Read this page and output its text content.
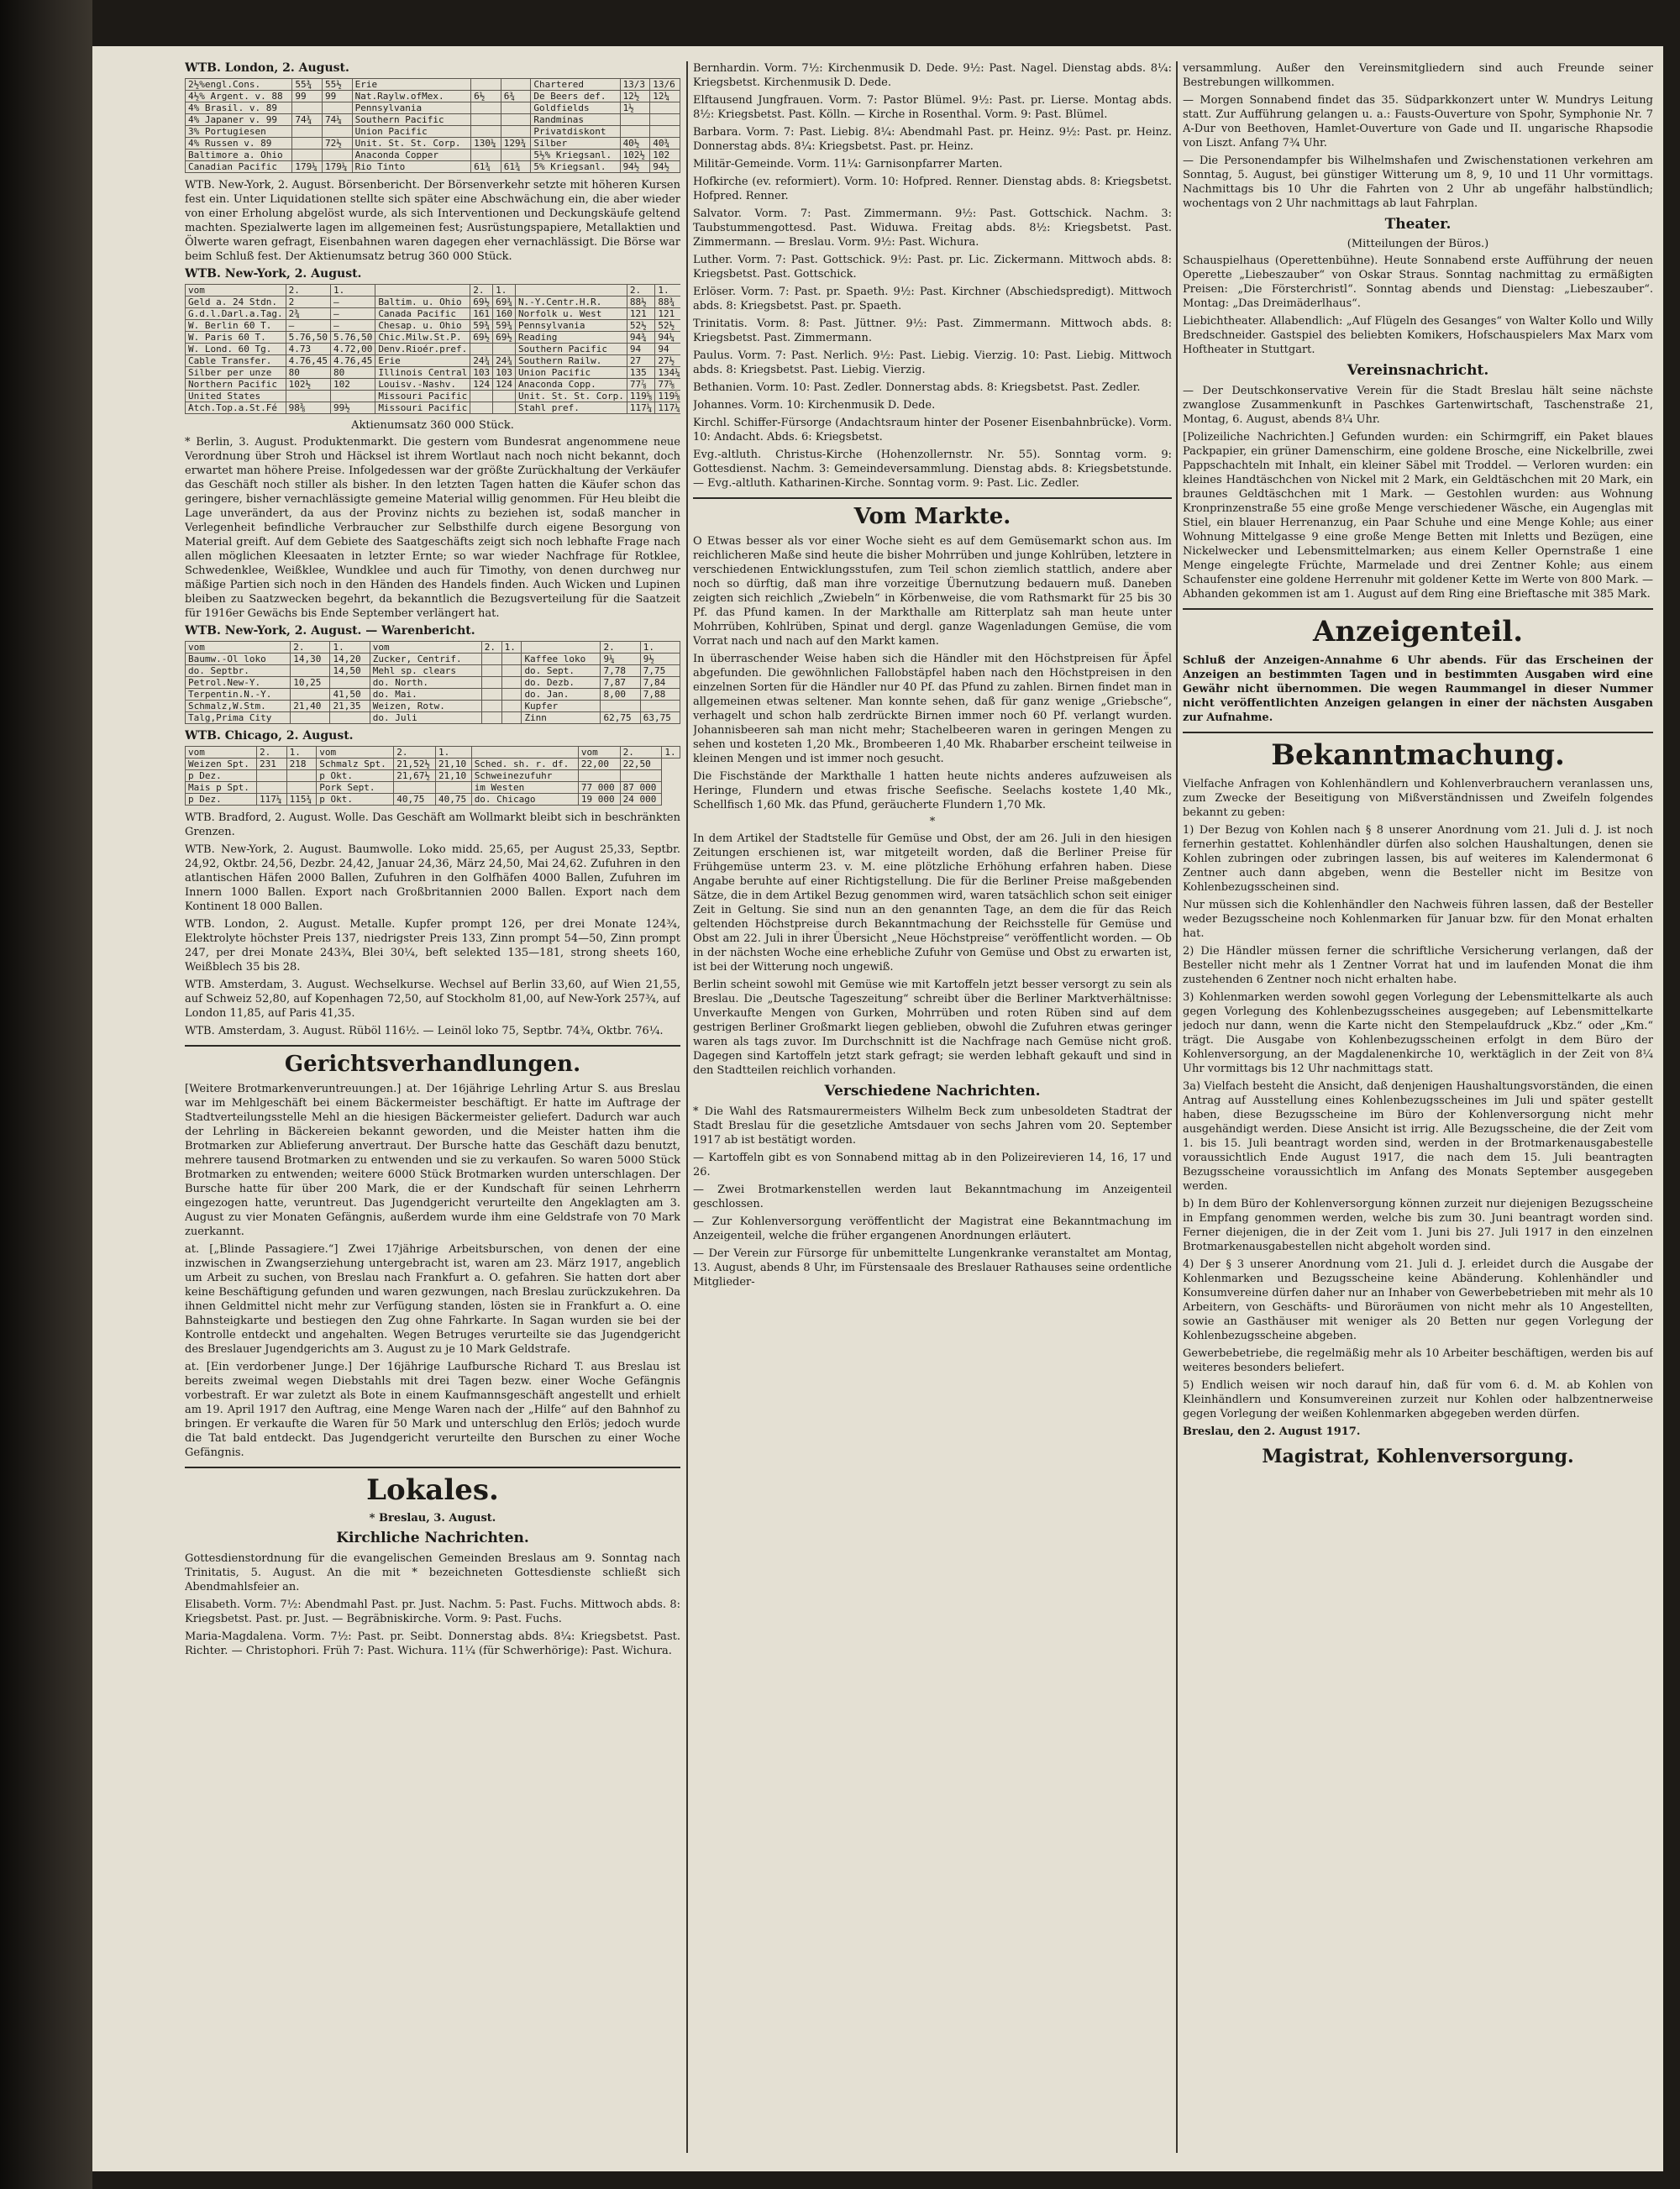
WTB. London, 2. August.
2½%engl.Cons.	55¾	55½	Erie			Chartered	13/3	13/6
4½% Argent. v. 88	99	99	Nat.Raylw.ofMex.	6½	6¾	De Beers def.	12½	12¼
4% Brasil. v. 89			Pennsylvania			Goldfields	1½	
4% Japaner v. 99	74¾	74¼	Southern Pacific			Randminas		
3% Portugiesen			Union Pacific			Privatdiskont		
4% Russen v. 89		72½	Unit. St. St. Corp.	130¼	129¾	Silber	40½	40¾
Baltimore a. Ohio			Anaconda Copper			5½% Kriegsanl.	102½	102
Canadian Pacific	179¼	179¼	Rio Tinto	61¾	61¾	5% Kriegsanl.	94½	94½

WTB. New-York, 2. August. Börsenbericht. Der Börsenverkehr setzte mit höheren Kursen fest ein. Unter Liquidationen stellte sich später eine Abschwächung ein, die aber wieder von einer Erholung abgelöst wurde, als sich Interventionen und Deckungskäufe geltend machten. Spezialwerte lagen im allgemeinen fest; Ausrüstungspapiere, Metallaktien und Ölwerte waren gefragt, Eisenbahnen waren dagegen eher vernachlässigt. Die Börse war beim Schluß fest. Der Aktienumsatz betrug 360 000 Stück.

WTB. New-York, 2. August.
vom	2.	1.		2.	1.		2.	1.
Geld a. 24 Stdn.	2	—	Baltim. u. Ohio	69½	69¾	N.-Y.Centr.H.R.	88½	88¾
G.d.l.Darl.a.Tag.	2¾	—	Canada Pacific	161	160	Norfolk u. West	121	121
W. Berlin 60 T.	—	—	Chesap. u. Ohio	59¾	59¾	Pennsylvania	52½	52½
W. Paris 60 T.	5.76,50	5.76,50	Chic.Milw.St.P.	69½	69½	Reading	94¾	94¼
W. Lond. 60 Tg.	4.73	4.72,00	Denv.Rioér.pref.			Southern Pacific	94	94
Cable Transfer.	4.76,45	4.76,45	Erie	24¾	24¾	Southern Railw.	27	27½
Silber per unze	80	80	Illinois Central	103	103	Union Pacific	135	134¼
Northern Pacific	102½	102	Louisv.-Nashv.	124	124	Anaconda Copp.	77⅞	77⅝
United States			Missouri Pacific			Unit. St. St. Corp.	119⅝	119⅝
Atch.Top.a.St.Fé	98⅜	99½	Missouri Pacific			Stahl pref.	117¼	117¼
Aktienumsatz 360 000 Stück.

* Berlin, 3. August. Produktenmarkt. Die gestern vom Bundesrat angenommene neue Verordnung über Stroh und Häcksel ist ihrem Wortlaut nach noch nicht bekannt, doch erwartet man höhere Preise. Infolgedessen war der größte Zurückhaltung der Verkäufer das Geschäft noch stiller als bisher. In den letzten Tagen hatten die Käufer schon das geringere, bisher vernachlässigte gemeine Material willig genommen. Für Heu bleibt die Lage unverändert, da aus der Provinz nichts zu beziehen ist, sodaß mancher in Verlegenheit befindliche Verbraucher zur Selbsthilfe durch eigene Besorgung von Material greift. Auf dem Gebiete des Saatgeschäfts zeigt sich noch lebhafte Frage nach allen möglichen Kleesaaten in letzter Ernte; so war wieder Nachfrage für Rotklee, Schwedenklee, Weißklee, Wundklee und auch für Timothy, von denen durchweg nur mäßige Partien sich noch in den Händen des Handels finden. Auch Wicken und Lupinen bleiben zu Saatzwecken begehrt, da bekanntlich die Bezugsverteilung für die Saatzeit für 1916er Gewächs bis Ende September verlängert hat.

WTB. New-York, 2. August. — Warenbericht.
vom	2.	1.	vom	2.	1.		2.	1.
Baumw.-Ol loko	14,30	14,20	Zucker, Centrif.			Kaffee loko	9¼	9½
do. Septbr.		14,50	Mehl sp. clears			do. Sept.	7,78	7,75
Petrol.New-Y.	10,25		do. North.			do. Dezb.	7,87	7,84
Terpentin.N.-Y.		41,50	do. Mai.			do. Jan.	8,00	7,88
Schmalz,W.Stm.	21,40	21,35	Weizen, Rotw.			Kupfer		
Talg,Prima City			do. Juli			Zinn	62,75	63,75
WTB. Chicago, 2. August.
vom	2.	1.	vom	2.	1.		vom	2.	1.
Weizen Spt.	231	218	Schmalz Spt.	21,52½	21,10	Sched. sh. r. df.	22,00	22,50	
p Dez.			p Okt.	21,67½	21,10	Schweinezufuhr			
Mais p Spt.			Pork Sept.			im Westen	77 000	87 000	
p Dez.	117¼	115¾	p Okt.	40,75	40,75	do. Chicago	19 000	24 000	

WTB. Bradford, 2. August. Wolle. Das Geschäft am Wollmarkt bleibt sich in beschränkten Grenzen.

WTB. New-York, 2. August. Baumwolle. Loko midd. 25,65, per August 25,33, Septbr. 24,92, Oktbr. 24,56, Dezbr. 24,42, Januar 24,36, März 24,50, Mai 24,62. Zufuhren in den atlantischen Häfen 2000 Ballen, Zufuhren in den Golfhäfen 4000 Ballen, Zufuhren im Innern 1000 Ballen. Export nach Großbritannien 2000 Ballen. Export nach dem Kontinent 18 000 Ballen.

WTB. London, 2. August. Metalle. Kupfer prompt 126, per drei Monate 124¾, Elektrolyte höchster Preis 137, niedrigster Preis 133, Zinn prompt 54—50, Zinn prompt 247, per drei Monate 243¾, Blei 30¼, beft selekted 135—181, strong sheets 160, Weißblech 35 bis 28.

WTB. Amsterdam, 3. August. Wechselkurse. Wechsel auf Berlin 33,60, auf Wien 21,55, auf Schweiz 52,80, auf Kopenhagen 72,50, auf Stockholm 81,00, auf New-York 257¾, auf London 11,85, auf Paris 41,35.

WTB. Amsterdam, 3. August. Rüböl 116½. — Leinöl loko 75, Septbr. 74¾, Oktbr. 76¼.

Gerichtsverhandlungen.

[Weitere Brotmarkenveruntreuungen.] at. Der 16jährige Lehrling Artur S. aus Breslau war im Mehlgeschäft bei einem Bäckermeister beschäftigt. Er hatte im Auftrage der Stadtverteilungsstelle Mehl an die hiesigen Bäckermeister geliefert. Dadurch war auch der Lehrling in Bäckereien bekannt geworden, und die Meister hatten ihm die Brotmarken zur Ablieferung anvertraut. Der Bursche hatte das Geschäft dazu benutzt, mehrere tausend Brotmarken zu entwenden und sie zu verkaufen. So waren 5000 Stück Brotmarken zu entwenden; weitere 6000 Stück Brotmarken wurden unterschlagen. Der Bursche hatte für über 200 Mark, die er der Kundschaft für seinen Lehrherrn eingezogen hatte, veruntreut. Das Jugendgericht verurteilte den Angeklagten am 3. August zu vier Monaten Gefängnis, außerdem wurde ihm eine Geldstrafe von 70 Mark zuerkannt.

at. [„Blinde Passagiere.“] Zwei 17jährige Arbeitsburschen, von denen der eine inzwischen in Zwangserziehung untergebracht ist, waren am 23. März 1917, angeblich um Arbeit zu suchen, von Breslau nach Frankfurt a. O. gefahren. Sie hatten dort aber keine Beschäftigung gefunden und waren gezwungen, nach Breslau zurückzukehren. Da ihnen Geldmittel nicht mehr zur Verfügung standen, lösten sie in Frankfurt a. O. eine Bahnsteigkarte und bestiegen den Zug ohne Fahrkarte. In Sagan wurden sie bei der Kontrolle entdeckt und angehalten. Wegen Betruges verurteilte sie das Jugendgericht des Breslauer Jugendgerichts am 3. August zu je 10 Mark Geldstrafe.

at. [Ein verdorbener Junge.] Der 16jährige Laufbursche Richard T. aus Breslau ist bereits zweimal wegen Diebstahls mit drei Tagen bezw. einer Woche Gefängnis vorbestraft. Er war zuletzt als Bote in einem Kaufmannsgeschäft angestellt und erhielt am 19. April 1917 den Auftrag, eine Menge Waren nach der „Hilfe“ auf den Bahnhof zu bringen. Er verkaufte die Waren für 50 Mark und unterschlug den Erlös; jedoch wurde die Tat bald entdeckt. Das Jugendgericht verurteilte den Burschen zu einer Woche Gefängnis.

Lokales.
* Breslau, 3. August.
Kirchliche Nachrichten.

Gottesdienstordnung für die evangelischen Gemeinden Breslaus am 9. Sonntag nach Trinitatis, 5. August. An die mit * bezeichneten Gottesdienste schließt sich Abendmahlsfeier an.

Elisabeth. Vorm. 7½: Abendmahl Past. pr. Just. Nachm. 5: Past. Fuchs. Mittwoch abds. 8: Kriegsbetst. Past. pr. Just. — Begräbniskirche. Vorm. 9: Past. Fuchs.

Maria-Magdalena. Vorm. 7½: Past. pr. Seibt. Donnerstag abds. 8¼: Kriegsbetst. Past. Richter. — Christophori. Früh 7: Past. Wichura. 11¼ (für Schwerhörige): Past. Wichura.

Bernhardin. Vorm. 7½: Kirchenmusik D. Dede. 9½: Past. Nagel. Dienstag abds. 8¼: Kriegsbetst. Kirchenmusik D. Dede.

Elftausend Jungfrauen. Vorm. 7: Pastor Blümel. 9½: Past. pr. Lierse. Montag abds. 8½: Kriegsbetst. Past. Kölln. — Kirche in Rosenthal. Vorm. 9: Past. Blümel.

Barbara. Vorm. 7: Past. Liebig. 8¼: Abendmahl Past. pr. Heinz. 9½: Past. pr. Heinz. Donnerstag abds. 8¼: Kriegsbetst. Past. pr. Heinz.

Militär-Gemeinde. Vorm. 11¼: Garnisonpfarrer Marten.

Hofkirche (ev. reformiert). Vorm. 10: Hofpred. Renner. Dienstag abds. 8: Kriegsbetst. Hofpred. Renner.

Salvator. Vorm. 7: Past. Zimmermann. 9½: Past. Gottschick. Nachm. 3: Taubstummengottesd. Past. Widuwa. Freitag abds. 8½: Kriegsbetst. Past. Zimmermann. — Breslau. Vorm. 9½: Past. Wichura.

Luther. Vorm. 7: Past. Gottschick. 9½: Past. pr. Lic. Zickermann. Mittwoch abds. 8: Kriegsbetst. Past. Gottschick.

Erlöser. Vorm. 7: Past. pr. Spaeth. 9½: Past. Kirchner (Abschiedspredigt). Mittwoch abds. 8: Kriegsbetst. Past. pr. Spaeth.

Trinitatis. Vorm. 8: Past. Jüttner. 9½: Past. Zimmermann. Mittwoch abds. 8: Kriegsbetst. Past. Zimmermann.

Paulus. Vorm. 7: Past. Nerlich. 9½: Past. Liebig. Vierzig. 10: Past. Liebig. Mittwoch abds. 8: Kriegsbetst. Past. Liebig. Vierzig.

Bethanien. Vorm. 10: Past. Zedler. Donnerstag abds. 8: Kriegsbetst. Past. Zedler.

Johannes. Vorm. 10: Kirchenmusik D. Dede.

Kirchl. Schiffer-Fürsorge (Andachtsraum hinter der Posener Eisenbahnbrücke). Vorm. 10: Andacht. Abds. 6: Kriegsbetst.

Evg.-altluth. Christus-Kirche (Hohenzollernstr. Nr. 55). Sonntag vorm. 9: Gottesdienst. Nachm. 3: Gemeindeversammlung. Dienstag abds. 8: Kriegsbetstunde. — Evg.-altluth. Katharinen-Kirche. Sonntag vorm. 9: Past. Lic. Zedler.

Vom Markte.

O Etwas besser als vor einer Woche sieht es auf dem Gemüsemarkt schon aus. Im reichlicheren Maße sind heute die bisher Mohrrüben und junge Kohlrüben, letztere in verschiedenen Entwicklungsstufen, zum Teil schon ziemlich stattlich, andere aber noch so dürftig, daß man ihre vorzeitige Übernutzung bedauern muß. Daneben zeigten sich reichlich „Zwiebeln“ in Körbenweise, die vom Rathsmarkt für 25 bis 30 Pf. das Pfund kamen. In der Markthalle am Ritterplatz sah man heute unter Mohrrüben, Kohlrüben, Spinat und dergl. ganze Wagenladungen Gemüse, die vom Vorrat nach und nach auf den Markt kamen.

In überraschender Weise haben sich die Händler mit den Höchstpreisen für Äpfel abgefunden. Die gewöhnlichen Fallobstäpfel haben nach den Höchstpreisen in den einzelnen Sorten für die Händler nur 40 Pf. das Pfund zu zahlen. Birnen findet man in allgemeinen etwas seltener. Man konnte sehen, daß für ganz wenige „Griebsche“, verhagelt und schon halb zerdrückte Birnen immer noch 60 Pf. verlangt wurden. Johannisbeeren sah man nicht mehr; Stachelbeeren waren in geringen Mengen zu sehen und kosteten 1,20 Mk., Brombeeren 1,40 Mk. Rhabarber erscheint teilweise in kleinen Mengen und ist immer noch gesucht.

Die Fischstände der Markthalle 1 hatten heute nichts anderes aufzuweisen als Heringe, Flundern und etwas frische Seefische. Seelachs kostete 1,40 Mk., Schellfisch 1,60 Mk. das Pfund, geräucherte Flundern 1,70 Mk.

*

In dem Artikel der Stadtstelle für Gemüse und Obst, der am 26. Juli in den hiesigen Zeitungen erschienen ist, war mitgeteilt worden, daß die Berliner Preise für Frühgemüse unterm 23. v. M. eine plötzliche Erhöhung erfahren haben. Diese Angabe beruhte auf einer Richtigstellung. Die für die Berliner Preise maßgebenden Sätze, die in dem Artikel Bezug genommen wird, waren tatsächlich schon seit einiger Zeit in Geltung. Sie sind nun an den genannten Tage, an dem die für das Reich geltenden Höchstpreise durch Bekanntmachung der Reichsstelle für Gemüse und Obst am 22. Juli in ihrer Übersicht „Neue Höchstpreise“ veröffentlicht worden. — Ob in der nächsten Woche eine erhebliche Zufuhr von Gemüse und Obst zu erwarten ist, ist bei der Witterung noch ungewiß.

Berlin scheint sowohl mit Gemüse wie mit Kartoffeln jetzt besser versorgt zu sein als Breslau. Die „Deutsche Tageszeitung“ schreibt über die Berliner Marktverhältnisse: Unverkaufte Mengen von Gurken, Mohrrüben und roten Rüben sind auf dem gestrigen Berliner Großmarkt liegen geblieben, obwohl die Zufuhren etwas geringer waren als tags zuvor. Im Durchschnitt ist die Nachfrage nach Gemüse nicht groß. Dagegen sind Kartoffeln jetzt stark gefragt; sie werden lebhaft gekauft und sind in den Stadtteilen reichlich vorhanden.

Verschiedene Nachrichten.

* Die Wahl des Ratsmaurermeisters Wilhelm Beck zum unbesoldeten Stadtrat der Stadt Breslau für die gesetzliche Amtsdauer von sechs Jahren vom 20. September 1917 ab ist bestätigt worden.

— Kartoffeln gibt es von Sonnabend mittag ab in den Polizeirevieren 14, 16, 17 und 26.

— Zwei Brotmarkenstellen werden laut Bekanntmachung im Anzeigenteil geschlossen.

— Zur Kohlenversorgung veröffentlicht der Magistrat eine Bekanntmachung im Anzeigenteil, welche die früher ergangenen Anordnungen erläutert.

— Der Verein zur Fürsorge für unbemittelte Lungenkranke veranstaltet am Montag, 13. August, abends 8 Uhr, im Fürstensaale des Breslauer Rathauses seine ordentliche Mitglieder-

versammlung. Außer den Vereinsmitgliedern sind auch Freunde seiner Bestrebungen willkommen.

— Morgen Sonnabend findet das 35. Südparkkonzert unter W. Mundrys Leitung statt. Zur Aufführung gelangen u. a.: Fausts-Ouverture von Spohr, Symphonie Nr. 7 A-Dur von Beethoven, Hamlet-Ouverture von Gade und II. ungarische Rhapsodie von Liszt. Anfang 7¾ Uhr.

— Die Personendampfer bis Wilhelmshafen und Zwischenstationen verkehren am Sonntag, 5. August, bei günstiger Witterung um 8, 9, 10 und 11 Uhr vormittags. Nachmittags bis 10 Uhr die Fahrten von 2 Uhr ab ungefähr halbstündlich; wochentags von 2 Uhr nachmittags ab laut Fahrplan.

Theater.
(Mitteilungen der Büros.)

Schauspielhaus (Operettenbühne). Heute Sonnabend erste Aufführung der neuen Operette „Liebeszauber“ von Oskar Straus. Sonntag nachmittag zu ermäßigten Preisen: „Die Försterchristl“. Sonntag abends und Dienstag: „Liebeszauber“. Montag: „Das Dreimäderlhaus“.

Liebichtheater. Allabendlich: „Auf Flügeln des Gesanges“ von Walter Kollo und Willy Bredschneider. Gastspiel des beliebten Komikers, Hofschauspielers Max Marx vom Hoftheater in Stuttgart.

Vereinsnachricht.

— Der Deutschkonservative Verein für die Stadt Breslau hält seine nächste zwanglose Zusammenkunft in Paschkes Gartenwirtschaft, Taschenstraße 21, Montag, 6. August, abends 8¼ Uhr.

[Polizeiliche Nachrichten.] Gefunden wurden: ein Schirmgriff, ein Paket blaues Packpapier, ein grüner Damenschirm, eine goldene Brosche, eine Nickelbrille, zwei Pappschachteln mit Inhalt, ein kleiner Säbel mit Troddel. — Verloren wurden: ein kleines Handtäschchen von Nickel mit 2 Mark, ein Geldtäschchen mit 20 Mark, ein braunes Geldtäschchen mit 1 Mark. — Gestohlen wurden: aus Wohnung Kronprinzenstraße 55 eine große Menge verschiedener Wäsche, ein Augenglas mit Stiel, ein blauer Herrenanzug, ein Paar Schuhe und eine Menge Kohle; aus einer Wohnung Mittelgasse 9 eine große Menge Betten mit Inletts und Bezügen, eine Nickelwecker und Lebensmittelmarken; aus einem Keller Opernstraße 1 eine Menge eingelegte Früchte, Marmelade und drei Zentner Kohle; aus einem Schaufenster eine goldene Herrenuhr mit goldener Kette im Werte von 800 Mark. — Abhanden gekommen ist am 1. August auf dem Ring eine Brieftasche mit 385 Mark.

Anzeigenteil.

Schluß der Anzeigen-Annahme 6 Uhr abends. Für das Erscheinen der Anzeigen an bestimmten Tagen und in bestimmten Ausgaben wird eine Gewähr nicht übernommen. Die wegen Raummangel in dieser Nummer nicht veröffentlichten Anzeigen gelangen in einer der nächsten Ausgaben zur Aufnahme.

Bekanntmachung.

Vielfache Anfragen von Kohlenhändlern und Kohlenverbrauchern veranlassen uns, zum Zwecke der Beseitigung von Mißverständnissen und Zweifeln folgendes bekannt zu geben:

1) Der Bezug von Kohlen nach § 8 unserer Anordnung vom 21. Juli d. J. ist noch fernerhin gestattet. Kohlenhändler dürfen also solchen Haushaltungen, denen sie Kohlen zubringen oder zubringen lassen, bis auf weiteres im Kalendermonat 6 Zentner auch dann abgeben, wenn die Besteller nicht im Besitze von Kohlenbezugsscheinen sind.

Nur müssen sich die Kohlenhändler den Nachweis führen lassen, daß der Besteller weder Bezugsscheine noch Kohlenmarken für Januar bzw. für den Monat erhalten hat.

2) Die Händler müssen ferner die schriftliche Versicherung verlangen, daß der Besteller nicht mehr als 1 Zentner Vorrat hat und im laufenden Monat die ihm zustehenden 6 Zentner noch nicht erhalten habe.

3) Kohlenmarken werden sowohl gegen Vorlegung der Lebensmittelkarte als auch gegen Vorlegung des Kohlenbezugsscheines ausgegeben; auf Lebensmittelkarte jedoch nur dann, wenn die Karte nicht den Stempelaufdruck „Kbz.“ oder „Km.“ trägt. Die Ausgabe von Kohlenbezugsscheinen erfolgt in dem Büro der Kohlenversorgung, an der Magdalenenkirche 10, werktäglich in der Zeit von 8¼ Uhr vormittags bis 12 Uhr nachmittags statt.

3a) Vielfach besteht die Ansicht, daß denjenigen Haushaltungsvorständen, die einen Antrag auf Ausstellung eines Kohlenbezugsscheines im Juli und später gestellt haben, diese Bezugsscheine im Büro der Kohlenversorgung nicht mehr ausgehändigt werden. Diese Ansicht ist irrig. Alle Bezugsscheine, die der Zeit vom 1. bis 15. Juli beantragt worden sind, werden in der Brotmarkenausgabestelle voraussichtlich Ende August 1917, die nach dem 15. Juli beantragten Bezugsscheine voraussichtlich im Anfang des Monats September ausgegeben werden.

b) In dem Büro der Kohlenversorgung können zurzeit nur diejenigen Bezugsscheine in Empfang genommen werden, welche bis zum 30. Juni beantragt worden sind. Ferner diejenigen, die in der Zeit vom 1. Juni bis 27. Juli 1917 in den einzelnen Brotmarkenausgabestellen nicht abgeholt worden sind.

4) Der § 3 unserer Anordnung vom 21. Juli d. J. erleidet durch die Ausgabe der Kohlenmarken und Bezugsscheine keine Abänderung. Kohlenhändler und Konsumvereine dürfen daher nur an Inhaber von Gewerbebetrieben mit mehr als 10 Arbeitern, von Geschäfts- und Büroräumen von nicht mehr als 10 Angestellten, sowie an Gasthäuser mit weniger als 20 Betten nur gegen Vorlegung der Kohlenbezugsscheine abgeben.

Gewerbebetriebe, die regelmäßig mehr als 10 Arbeiter beschäftigen, werden bis auf weiteres besonders beliefert.

5) Endlich weisen wir noch darauf hin, daß für vom 6. d. M. ab Kohlen von Kleinhändlern und Konsumvereinen zurzeit nur Kohlen oder halbzentnerweise gegen Vorlegung der weißen Kohlenmarken abgegeben werden dürfen.

Breslau, den 2. August 1917.

Magistrat, Kohlenversorgung.
